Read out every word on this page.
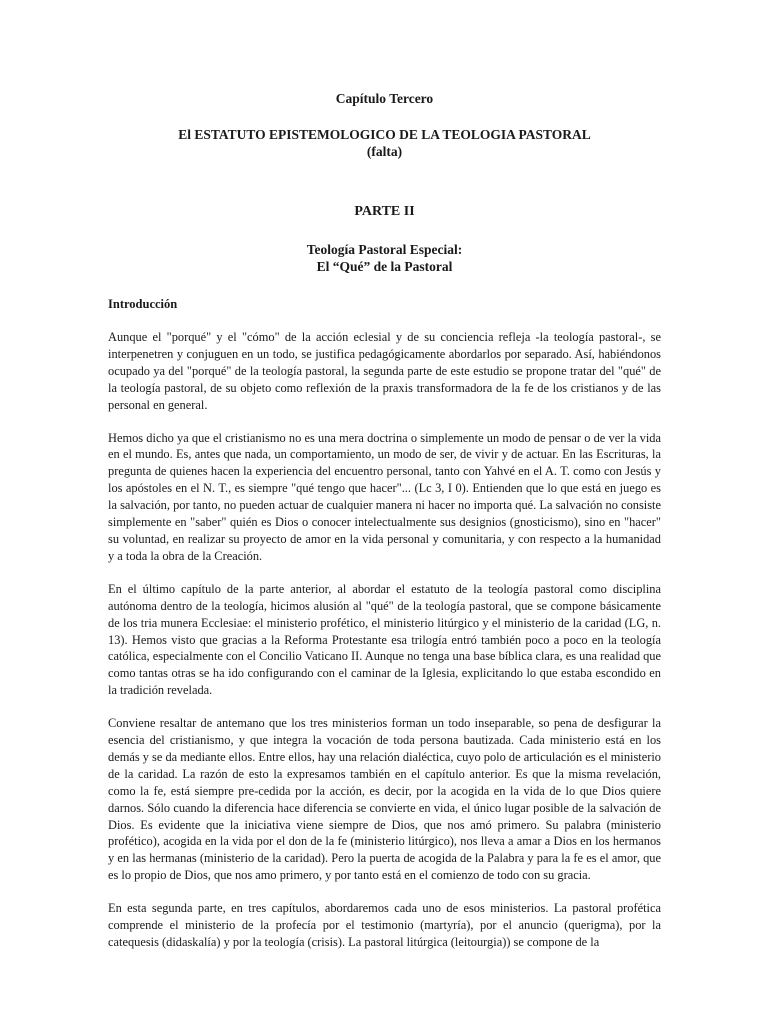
Capítulo Tercero

El ESTATUTO EPISTEMOLOGICO DE LA TEOLOGIA PASTORAL

(falta)

PARTE II

Teología Pastoral Especial:

El “Qué” de la Pastoral

Introducción

Aunque el "porqué" y el "cómo" de la acción eclesial y de su conciencia refleja -la teología pastoral-, se interpenetren y conjuguen en un todo, se justifica pedagógicamente abordarlos por separado. Así, habiéndonos ocupado ya del "porqué" de la teología pastoral, la segunda parte de este estudio se propone tratar del "qué" de la teología pastoral, de su objeto como reflexión de la praxis transformadora de la fe de los cristianos y de las personal en general.

Hemos dicho ya que el cristianismo no es una mera doctrina o simplemente un modo de pensar o de ver la vida en el mundo. Es, antes que nada, un comportamiento, un modo de ser, de vivir y de actuar. En las Escrituras, la pregunta de quienes hacen la experiencia del encuentro personal, tanto con Yahvé en el A. T. como con Jesús y los apóstoles en el N. T., es siempre "qué tengo que hacer"... (Lc 3, I 0). Entienden que lo que está en juego es la salvación, por tanto, no pueden actuar de cualquier manera ni hacer no importa qué. La salvación no consiste simplemente en "saber" quién es Dios o conocer intelectualmente sus designios (gnosticismo), sino en "hacer" su voluntad, en realizar su proyecto de amor en la vida personal y comunitaria, y con respecto a la humanidad y a toda la obra de la Creación.

En el último capítulo de la parte anterior, al abordar el estatuto de la teología pastoral como disciplina autónoma dentro de la teología, hicimos alusión al "qué" de la teología pastoral, que se compone básicamente de los tria munera Ecclesiae: el ministerio profético, el ministerio litúrgico y el ministerio de la caridad (LG, n. 13). Hemos visto que gracias a la Reforma Protestante esa trilogía entró también poco a poco en la teología católica, especialmente con el Concilio Vaticano II. Aunque no tenga una base bíblica clara, es una realidad que como tantas otras se ha ido configurando con el caminar de la Iglesia, explicitando lo que estaba escondido en la tradición revelada.

Conviene resaltar de antemano que los tres ministerios forman un todo inseparable, so pena de desfigurar la esencia del cristianismo, y que integra la vocación de toda persona bautizada. Cada ministerio está en los demás y se da mediante ellos. Entre ellos, hay una relación dialéctica, cuyo polo de articulación es el ministerio de la caridad. La razón de esto la expresamos también en el capítulo anterior. Es que la misma revelación, como la fe, está siempre pre-cedida por la acción, es decir, por la acogida en la vida de lo que Dios quiere darnos. Sólo cuando la diferencia hace diferencia se convierte en vida, el único lugar posible de la salvación de Dios. Es evidente que la iniciativa viene siempre de Dios, que nos amó primero. Su palabra (ministerio profético), acogida en la vida por el don de la fe (ministerio litúrgico), nos lleva a amar a Dios en los hermanos y en las hermanas (ministerio de la caridad). Pero la puerta de acogida de la Palabra y para la fe es el amor, que es lo propio de Dios, que nos amo primero, y por tanto está en el comienzo de todo con su gracia.

En esta segunda parte, en tres capítulos, abordaremos cada uno de esos ministerios. La pastoral profética comprende el ministerio de la profecía por el testimonio (martyría), por el anuncio (querigma), por la catequesis (didaskalía) y por la teología (crisis). La pastoral litúrgica (leitourgia)) se compone de la
